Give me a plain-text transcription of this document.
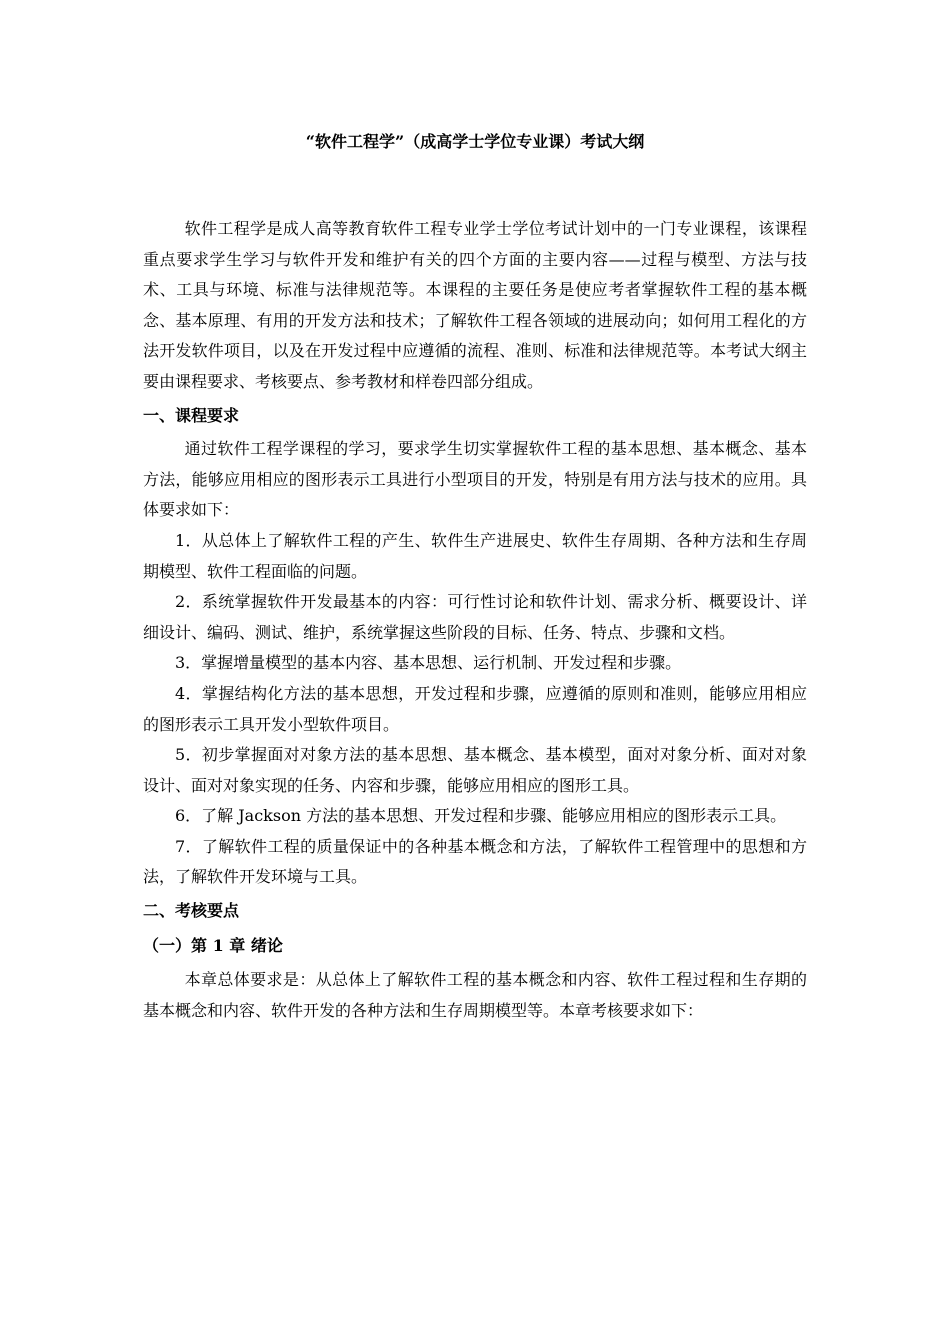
“软件工程学”（成高学士学位专业课）考试大纲

软件工程学是成人高等教育软件工程专业学士学位考试计划中的一门专业课程，该课程重点要求学生学习与软件开发和维护有关的四个方面的主要内容——过程与模型、方法与技术、工具与环境、标准与法律规范等。本课程的主要任务是使应考者掌握软件工程的基本概念、基本原理、有用的开发方法和技术；了解软件工程各领域的进展动向；如何用工程化的方法开发软件项目，以及在开发过程中应遵循的流程、准则、标准和法律规范等。本考试大纲主要由课程要求、考核要点、参考教材和样卷四部分组成。

一、课程要求

通过软件工程学课程的学习，要求学生切实掌握软件工程的基本思想、基本概念、基本方法，能够应用相应的图形表示工具进行小型项目的开发，特别是有用方法与技术的应用。具体要求如下：

1．从总体上了解软件工程的产生、软件生产进展史、软件生存周期、各种方法和生存周期模型、软件工程面临的问题。

2．系统掌握软件开发最基本的内容：可行性讨论和软件计划、需求分析、概要设计、详细设计、编码、测试、维护，系统掌握这些阶段的目标、任务、特点、步骤和文档。

3．掌握增量模型的基本内容、基本思想、运行机制、开发过程和步骤。

4．掌握结构化方法的基本思想，开发过程和步骤，应遵循的原则和准则，能够应用相应的图形表示工具开发小型软件项目。

5．初步掌握面对对象方法的基本思想、基本概念、基本模型，面对对象分析、面对对象设计、面对对象实现的任务、内容和步骤，能够应用相应的图形工具。

6．了解 Jackson 方法的基本思想、开发过程和步骤、能够应用相应的图形表示工具。

7．了解软件工程的质量保证中的各种基本概念和方法，了解软件工程管理中的思想和方法，了解软件开发环境与工具。

二、考核要点
（一）第 1 章 绪论

本章总体要求是：从总体上了解软件工程的基本概念和内容、软件工程过程和生存期的基本概念和内容、软件开发的各种方法和生存周期模型等。本章考核要求如下：
